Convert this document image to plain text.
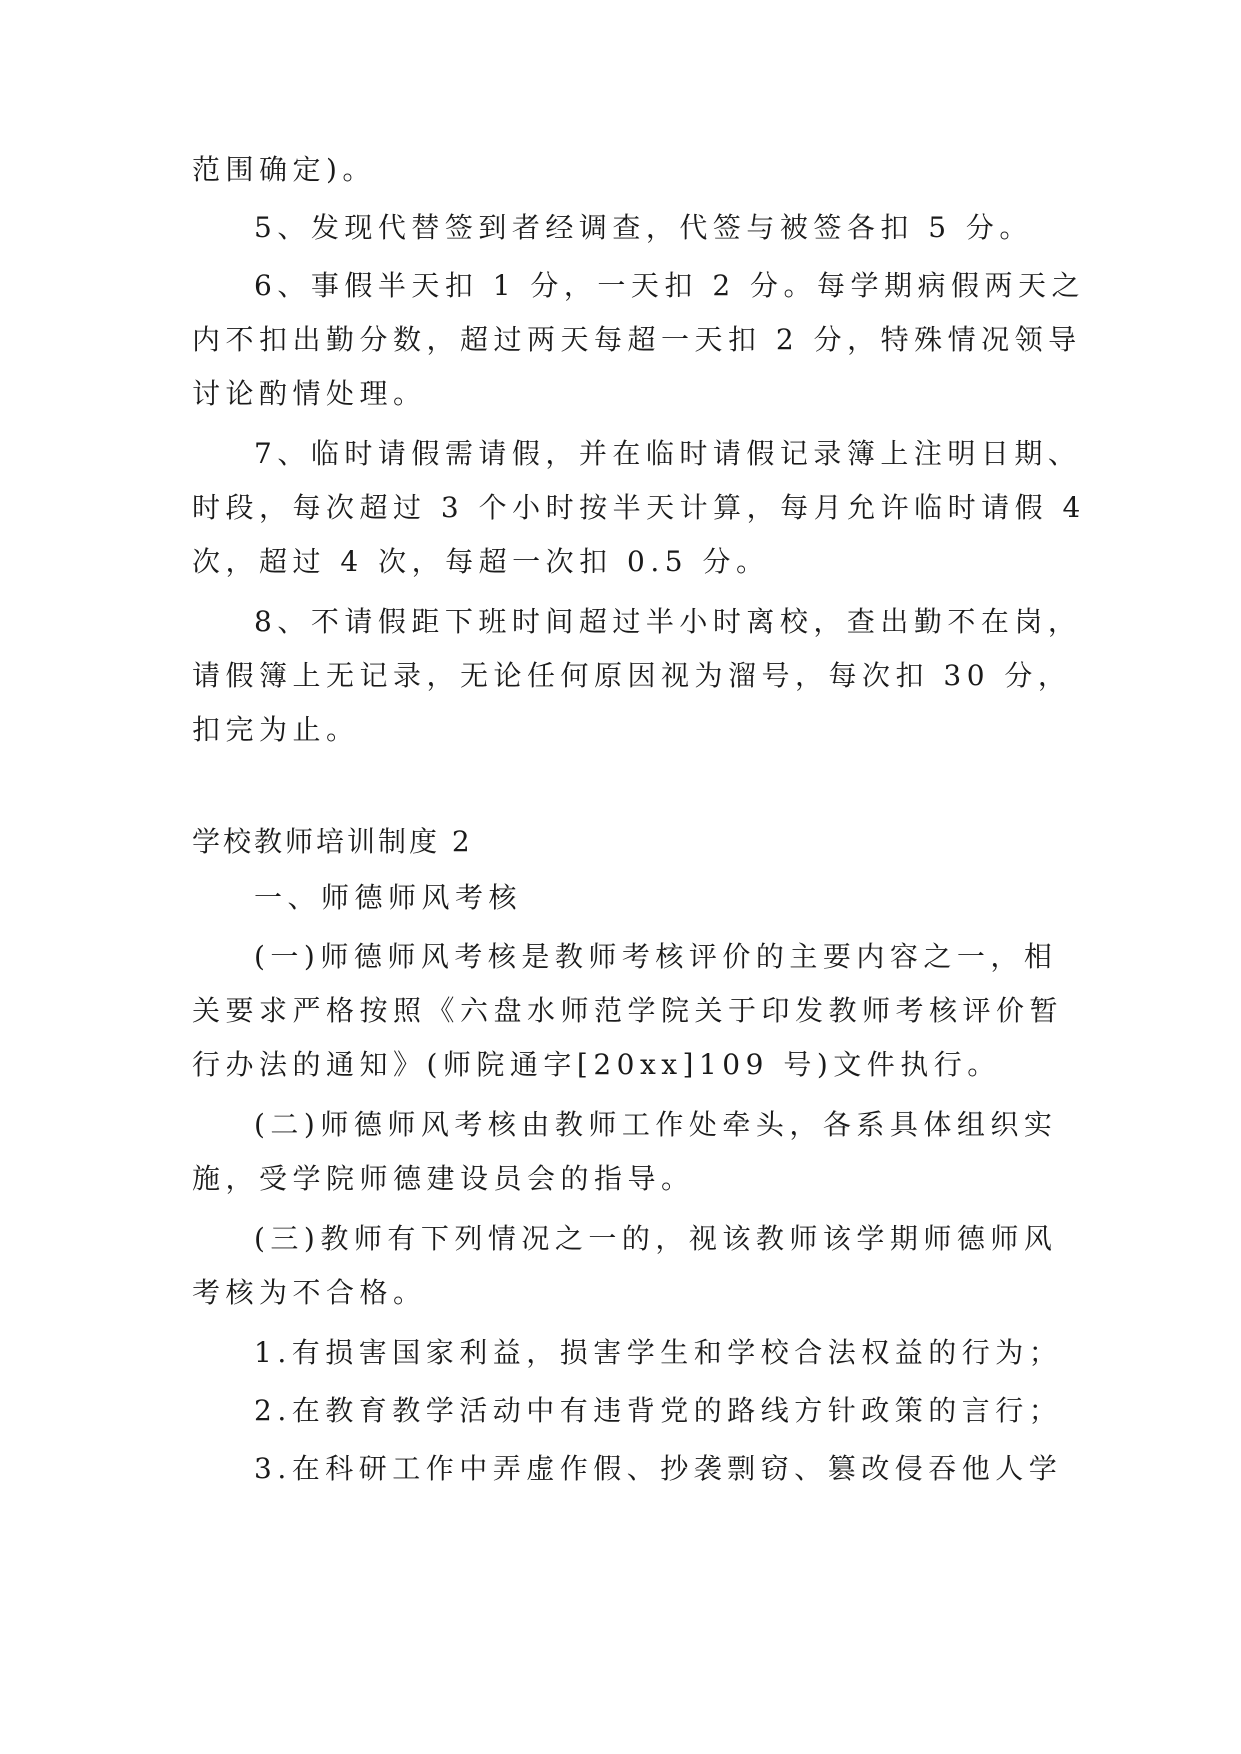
范围确定)。
5、发现代替签到者经调查，代签与被签各扣 5 分。
6、事假半天扣 1 分，一天扣 2 分。每学期病假两天之
内不扣出勤分数，超过两天每超一天扣 2 分，特殊情况领导
讨论酌情处理。
7、临时请假需请假，并在临时请假记录簿上注明日期、
时段，每次超过 3 个小时按半天计算，每月允许临时请假 4
次，超过 4 次，每超一次扣 0.5 分。
8、不请假距下班时间超过半小时离校，查出勤不在岗，
请假簿上无记录，无论任何原因视为溜号，每次扣 30 分，
扣完为止。
学校教师培训制度 2
一、师德师风考核
(一)师德师风考核是教师考核评价的主要内容之一，相
关要求严格按照《六盘水师范学院关于印发教师考核评价暂
行办法的通知》(师院通字[20xx]109 号)文件执行。
(二)师德师风考核由教师工作处牵头，各系具体组织实
施，受学院师德建设员会的指导。
(三)教师有下列情况之一的，视该教师该学期师德师风
考核为不合格。
1.有损害国家利益，损害学生和学校合法权益的行为；
2.在教育教学活动中有违背党的路线方针政策的言行；
3.在科研工作中弄虚作假、抄袭剽窃、篡改侵吞他人学
